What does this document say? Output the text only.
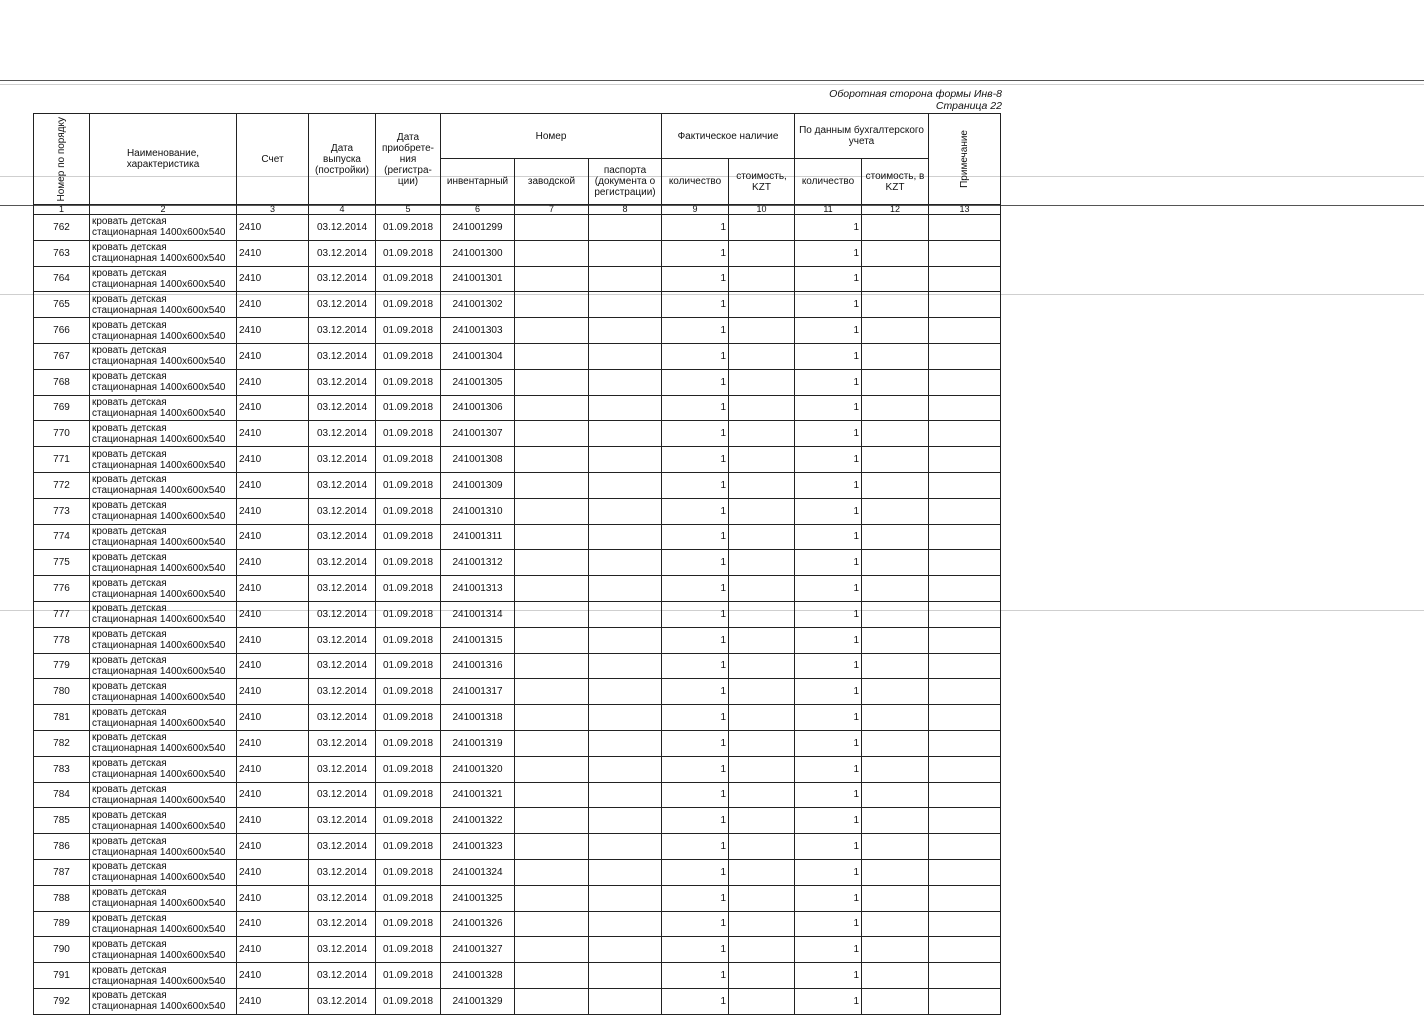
Оборотная сторона формы Инв-8
Страница 22
Номер по порядку	Наименование, характеристика	Счет	Дата выпуска (постройки)	Дата приобрете-ния (регистра-ции)	Номер			Фактическое наличие		По данным бухгалтерского учета		Примечание

					инвентарный	заводской	паспорта (документа о регистрации)	количество	стоимость, KZT	количество	стоимость, в KZT	
1	2	3	4	5	6	7	8	9	10	11	12	13
762	кровать детская
стационарная 1400х600х540	2410	03.12.2014	01.09.2018	241001299			1		1		
763	кровать детская
стационарная 1400х600х540	2410	03.12.2014	01.09.2018	241001300			1		1		
764	кровать детская
стационарная 1400х600х540	2410	03.12.2014	01.09.2018	241001301			1		1		
765	кровать детская
стационарная 1400х600х540	2410	03.12.2014	01.09.2018	241001302			1		1		
766	кровать детская
стационарная 1400х600х540	2410	03.12.2014	01.09.2018	241001303			1		1		
767	кровать детская
стационарная 1400х600х540	2410	03.12.2014	01.09.2018	241001304			1		1		
768	кровать детская
стационарная 1400х600х540	2410	03.12.2014	01.09.2018	241001305			1		1		
769	кровать детская
стационарная 1400х600х540	2410	03.12.2014	01.09.2018	241001306			1		1		
770	кровать детская
стационарная 1400х600х540	2410	03.12.2014	01.09.2018	241001307			1		1		
771	кровать детская
стационарная 1400х600х540	2410	03.12.2014	01.09.2018	241001308			1		1		
772	кровать детская
стационарная 1400х600х540	2410	03.12.2014	01.09.2018	241001309			1		1		
773	кровать детская
стационарная 1400х600х540	2410	03.12.2014	01.09.2018	241001310			1		1		
774	кровать детская
стационарная 1400х600х540	2410	03.12.2014	01.09.2018	241001311			1		1		
775	кровать детская
стационарная 1400х600х540	2410	03.12.2014	01.09.2018	241001312			1		1		
776	кровать детская
стационарная 1400х600х540	2410	03.12.2014	01.09.2018	241001313			1		1		
777	кровать детская
стационарная 1400х600х540	2410	03.12.2014	01.09.2018	241001314			1		1		
778	кровать детская
стационарная 1400х600х540	2410	03.12.2014	01.09.2018	241001315			1		1		
779	кровать детская
стационарная 1400х600х540	2410	03.12.2014	01.09.2018	241001316			1		1		
780	кровать детская
стационарная 1400х600х540	2410	03.12.2014	01.09.2018	241001317			1		1		
781	кровать детская
стационарная 1400х600х540	2410	03.12.2014	01.09.2018	241001318			1		1		
782	кровать детская
стационарная 1400х600х540	2410	03.12.2014	01.09.2018	241001319			1		1		
783	кровать детская
стационарная 1400х600х540	2410	03.12.2014	01.09.2018	241001320			1		1		
784	кровать детская
стационарная 1400х600х540	2410	03.12.2014	01.09.2018	241001321			1		1		
785	кровать детская
стационарная 1400х600х540	2410	03.12.2014	01.09.2018	241001322			1		1		
786	кровать детская
стационарная 1400х600х540	2410	03.12.2014	01.09.2018	241001323			1		1		
787	кровать детская
стационарная 1400х600х540	2410	03.12.2014	01.09.2018	241001324			1		1		
788	кровать детская
стационарная 1400х600х540	2410	03.12.2014	01.09.2018	241001325			1		1		
789	кровать детская
стационарная 1400х600х540	2410	03.12.2014	01.09.2018	241001326			1		1		
790	кровать детская
стационарная 1400х600х540	2410	03.12.2014	01.09.2018	241001327			1		1		
791	кровать детская
стационарная 1400х600х540	2410	03.12.2014	01.09.2018	241001328			1		1		
792	кровать детская
стационарная 1400х600х540	2410	03.12.2014	01.09.2018	241001329			1		1		
